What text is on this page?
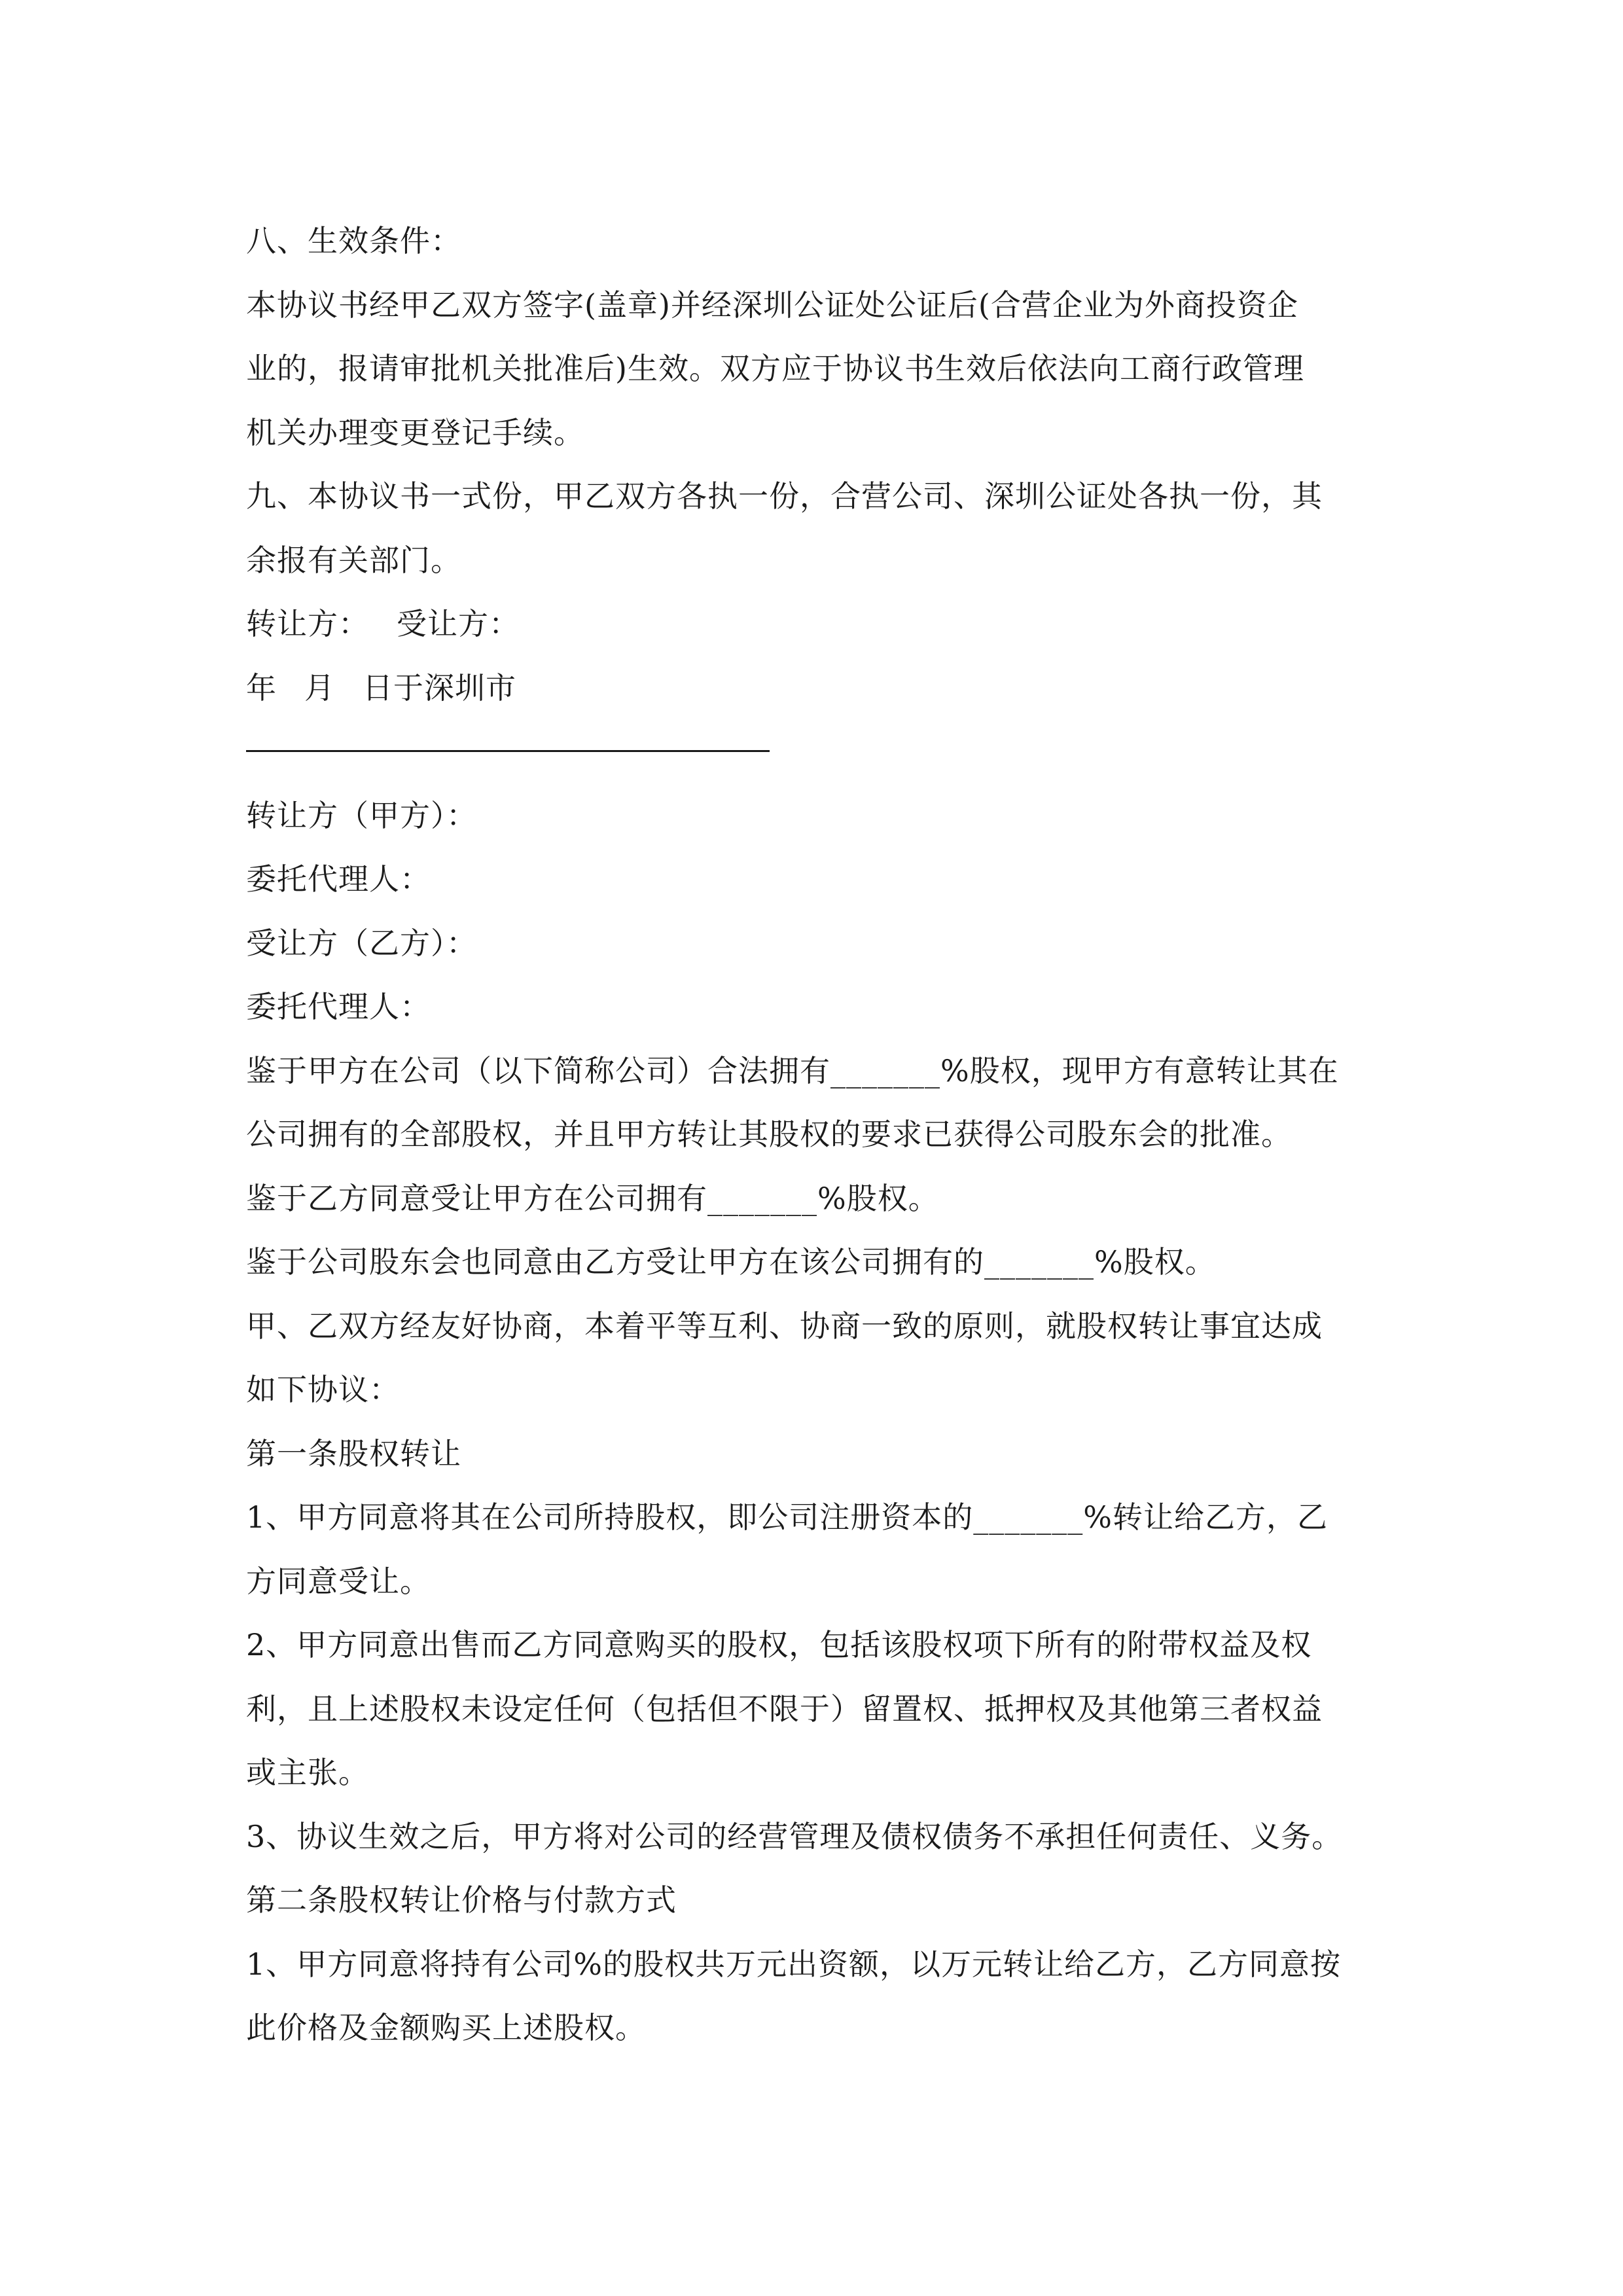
八、生效条件：
本协议书经甲乙双方签字(盖章)并经深圳公证处公证后(合营企业为外商投资企
业的，报请审批机关批准后)生效。双方应于协议书生效后依法向工商行政管理
机关办理变更登记手续。
九、本协议书一式份，甲乙双方各执一份，合营公司、深圳公证处各执一份，其
余报有关部门。
转让方： 受让方：
年 月 日于深圳市
转让方（甲方）：
委托代理人：
受让方（乙方）：
委托代理人：
鉴于甲方在公司（以下简称公司）合法拥有_______%股权，现甲方有意转让其在
公司拥有的全部股权，并且甲方转让其股权的要求已获得公司股东会的批准。
鉴于乙方同意受让甲方在公司拥有_______%股权。
鉴于公司股东会也同意由乙方受让甲方在该公司拥有的_______%股权。
甲、乙双方经友好协商，本着平等互利、协商一致的原则，就股权转让事宜达成
如下协议：
第一条股权转让
1、甲方同意将其在公司所持股权，即公司注册资本的_______%转让给乙方，乙
方同意受让。
2、甲方同意出售而乙方同意购买的股权，包括该股权项下所有的附带权益及权
利，且上述股权未设定任何（包括但不限于）留置权、抵押权及其他第三者权益
或主张。
3、协议生效之后，甲方将对公司的经营管理及债权债务不承担任何责任、义务。
第二条股权转让价格与付款方式
1、甲方同意将持有公司%的股权共万元出资额，以万元转让给乙方，乙方同意按
此价格及金额购买上述股权。
